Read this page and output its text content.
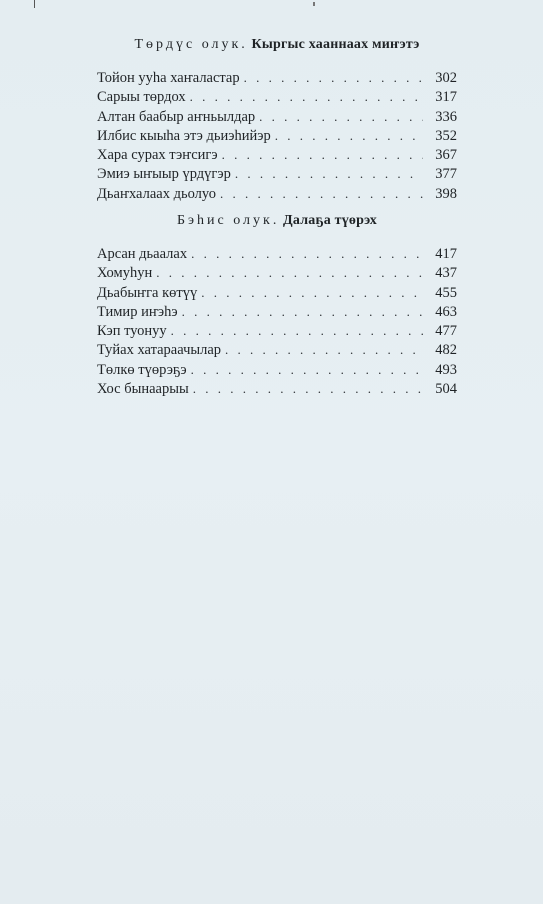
Төрдүс олук. Кыргыс хааннаах миҥэтэ
Тойон ууһа хаҥаластар . . .	302
Сарыы төрдох . . .	317
Алтан баабыр аҥньылдар . . .	336
Илбис кыыһа этэ дьиэһийэр . . .	352
Хара сурах тэҥсигэ . . .	367
Эмиэ ыҥыыр үрдүгэр . . .	377
Дьаҥхалаах дьолуо . . .	398
Бэһис олук. Далаҕа түөрэх
Арсан дьаалах . . .	417
Хомуһун . . .	437
Дьабыҥга көтүү . . .	455
Тимир иҥэһэ . . .	463
Кэп туонуу . . .	477
Туйах хатараачылар . . .	482
Төлкө түөрэҕэ . . .	493
Хос бынаарыы . . .	504
